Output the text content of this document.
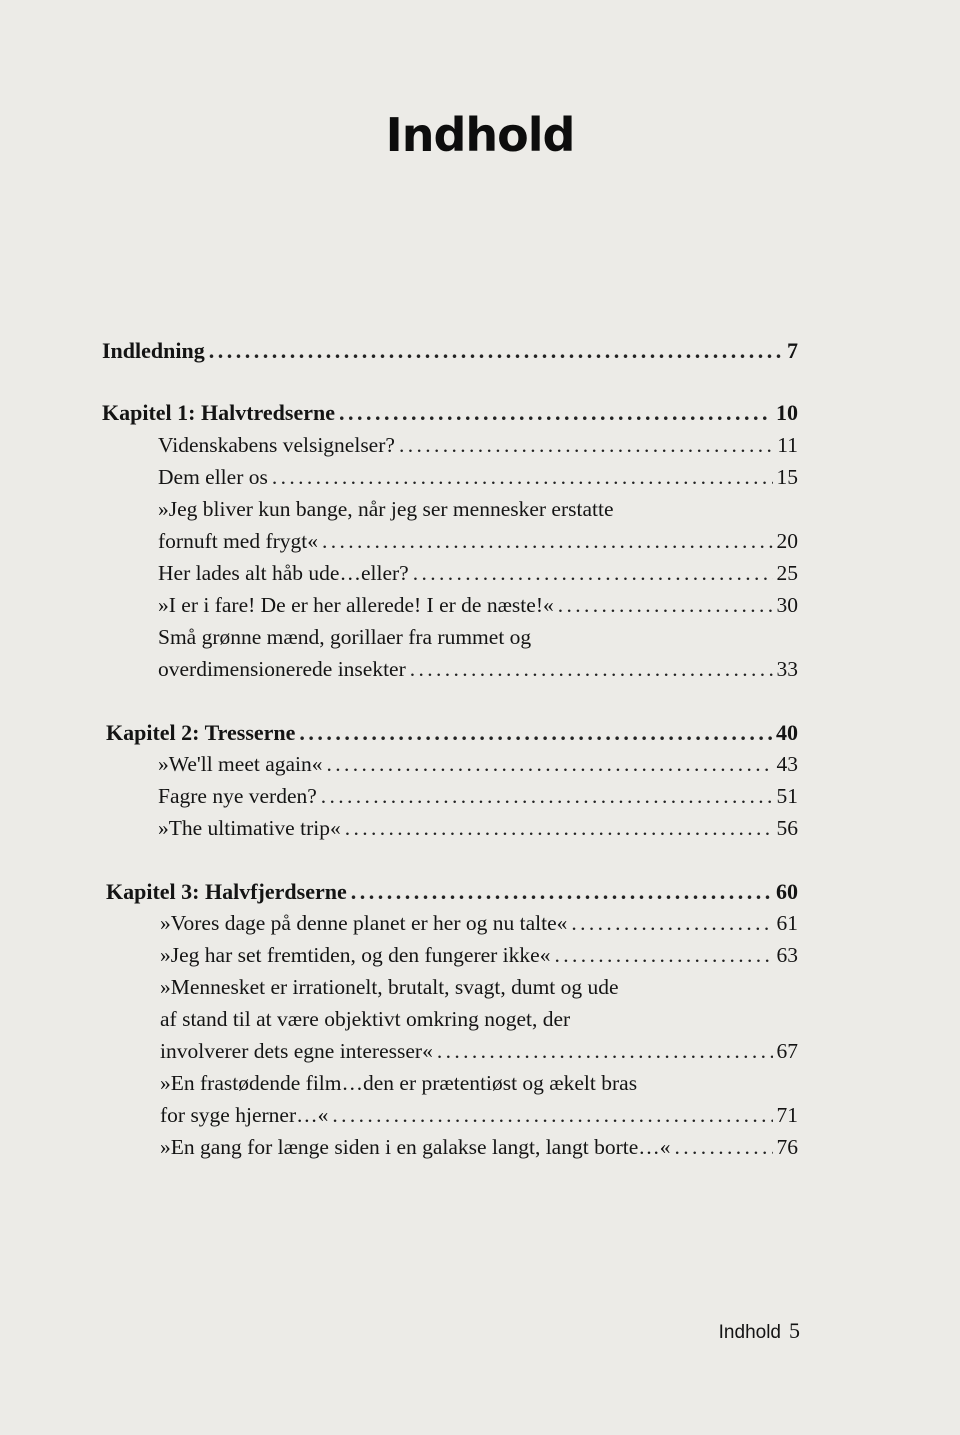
Indhold
Indledning . . .	7
Kapitel 1: Halvtredserne . . .	10
Videnskabens velsignelser? . . .	11
Dem eller os . . .	15
»Jeg bliver kun bange, når jeg ser mennesker erstatte
fornuft med frygt« . . .	20
Her lades alt håb ude…eller? . . .	25
»I er i fare! De er her allerede! I er de næste!« . . .	30
Små grønne mænd, gorillaer fra rummet og
overdimensionerede insekter . . .	33
Kapitel 2: Tresserne . . .	40
»We'll meet again« . . .	43
Fagre nye verden? . . .	51
»The ultimative trip« . . .	56
Kapitel 3: Halvfjerdserne . . .	60
»Vores dage på denne planet er her og nu talte« . . .	61
»Jeg har set fremtiden, og den fungerer ikke« . . .	63
»Mennesket er irrationelt, brutalt, svagt, dumt og ude
af stand til at være objektivt omkring noget, der
involverer dets egne interesser« . . .	67
»En frastødende film…den er prætentiøst og ækelt bras
for syge hjerner…« . . .	71
»En gang for længe siden i en galakse langt, langt borte…« . . .	76
Indhold 5
